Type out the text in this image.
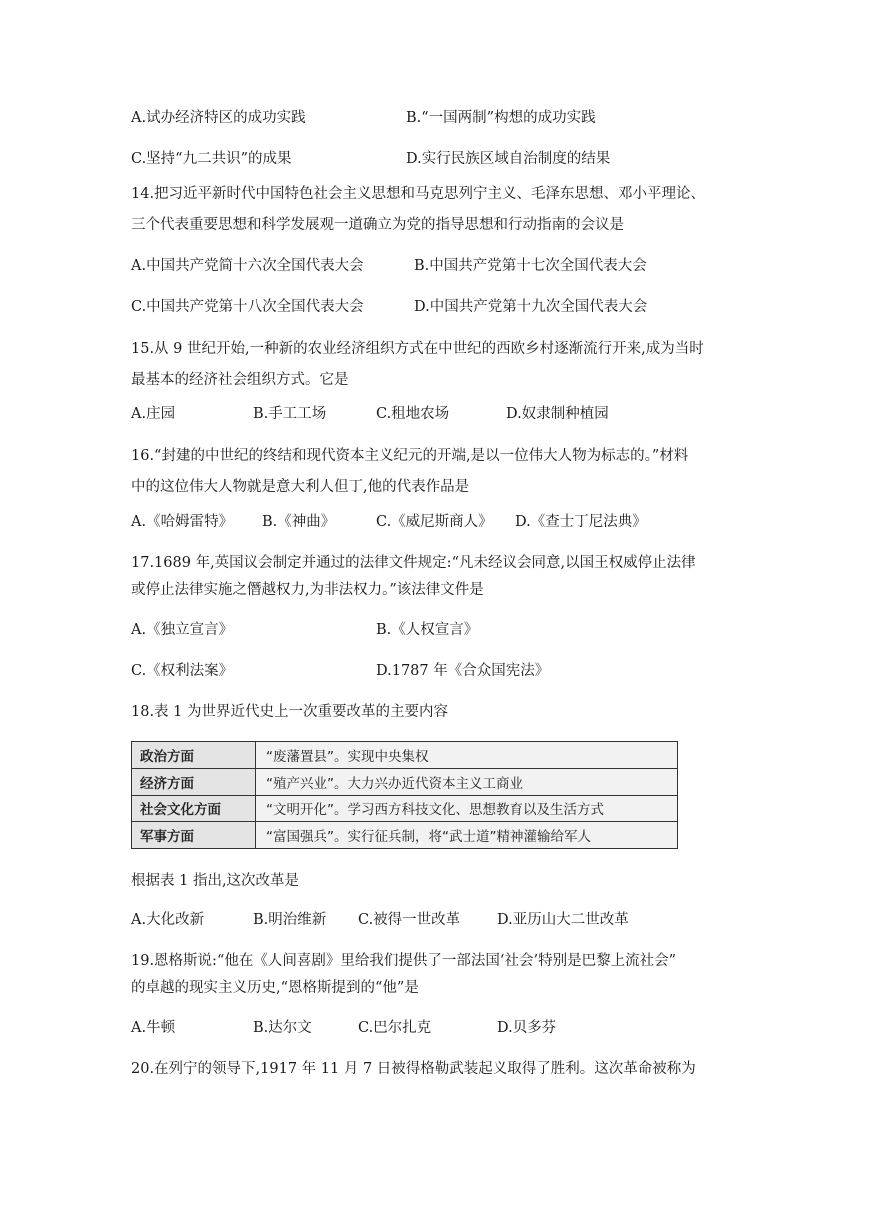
A.试办经济特区的成功实践	B.“一国两制”构想的成功实践
C.坚持“九二共识”的成果	D.实行民族区域自治制度的结果
14.把习近平新时代中国特色社会主义思想和马克思列宁主义、毛泽东思想、邓小平理论、
三个代表重要思想和科学发展观一道确立为党的指导思想和行动指南的会议是
A.中国共产党简十六次全国代表大会	B.中国共产党第十七次全国代表大会
C.中国共产党第十八次全国代表大会	D.中国共产党第十九次全国代表大会
15.从 9 世纪开始,一种新的农业经济组织方式在中世纪的西欧乡村逐渐流行开来,成为当时
最基本的经济社会组织方式。它是
A.庄园	B.手工工场	C.租地农场	D.奴隶制种植园
16.“封建的中世纪的终结和现代资本主义纪元的开端,是以一位伟大人物为标志的。”材料
中的这位伟大人物就是意大利人但丁,他的代表作品是
A.《哈姆雷特》 B.《神曲》	C.《威尼斯商人》 D.《查士丁尼法典》
17.1689 年,英国议会制定并通过的法律文件规定:“凡未经议会同意,以国王权威停止法律
或停止法律实施之僭越权力,为非法权力。”该法律文件是
A.《独立宣言》	B.《人权宣言》
C.《权利法案》	D.1787 年《合众国宪法》
18.表 1 为世界近代史上一次重要改革的主要内容
政治方面	“废藩置县”。实现中央集权
经济方面	“殖产兴业”。大力兴办近代资本主义工商业
社会文化方面	“文明开化”。学习西方科技文化、思想教育以及生活方式
军事方面	“富国强兵”。实行征兵制，将“武士道”精神灌输给军人
根据表 1 指出,这次改革是
A.大化改新	B.明治维新 C.被得一世改革	D.亚历山大二世改革
19.恩格斯说:“他在《人间喜剧》里给我们提供了一部法国‘社会’特别是巴黎上流社会”
的卓越的现实主义历史,“恩格斯提到的“他”是
A.牛顿	B.达尔文	C.巴尔扎克	D.贝多芬
20.在列宁的领导下,1917 年 11 月 7 日被得格勒武装起义取得了胜利。这次革命被称为
